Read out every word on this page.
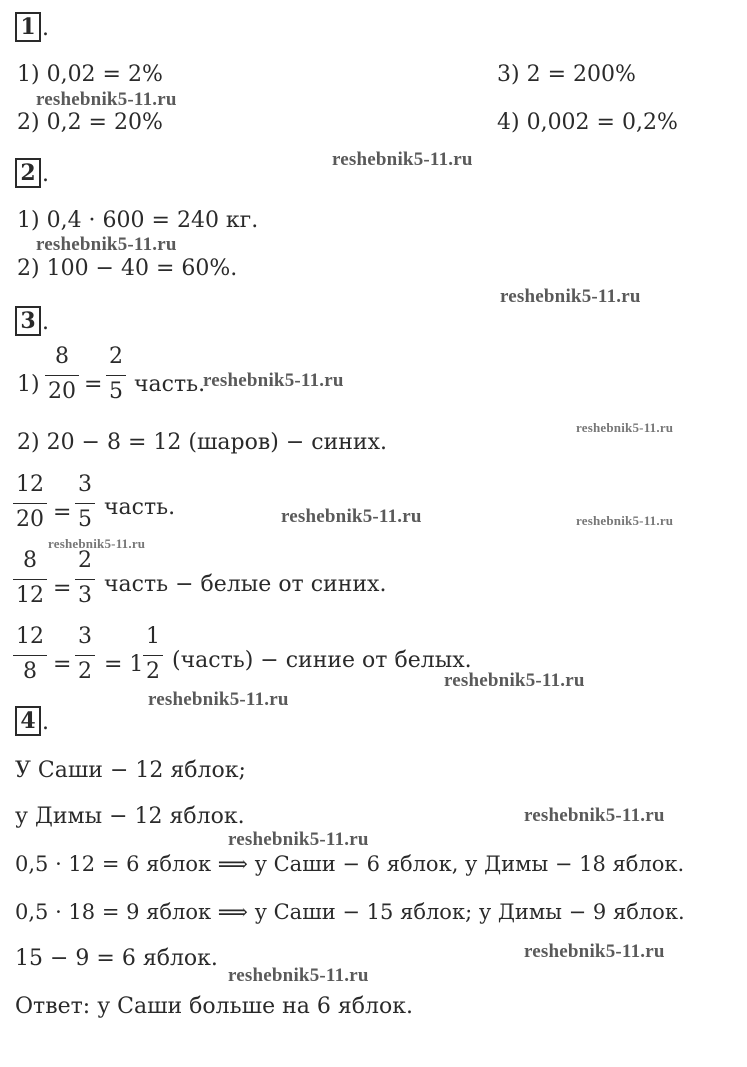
1 .
1) 0,02 = 2%	3) 2 = 200%
2) 0,2 = 20%	4) 0,002 = 0,2%
2 .
1) 0,4 · 600 = 240 кг.
2) 100 − 40 = 60%.
3 .
1)
8
20 =
2
5 часть.
2) 20 − 8 = 12 (шаров) − синих.
12
20 =
3
5 часть.
8
12 =
2
3 часть − белые от синих.
12
8 =
3
2 = 1
1
2 (часть) − синие от белых.
4 .
У Саши − 12 яблок;
у Димы − 12 яблок.
0,5 · 12 = 6 яблок ⟹ у Саши − 6 яблок, у Димы − 18 яблок.
0,5 · 18 = 9 яблок ⟹ у Саши − 15 яблок; у Димы − 9 яблок.
15 − 9 = 6 яблок.
Ответ: у Саши больше на 6 яблок.
reshebnik5-11.ru
reshebnik5-11.ru
reshebnik5-11.ru
reshebnik5-11.ru
reshebnik5-11.ru
reshebnik5-11.ru
reshebnik5-11.ru	reshebnik5-11.ru
reshebnik5-11.ru
reshebnik5-11.ru
reshebnik5-11.ru
reshebnik5-11.ru
reshebnik5-11.ru
reshebnik5-11.ru
reshebnik5-11.ru
